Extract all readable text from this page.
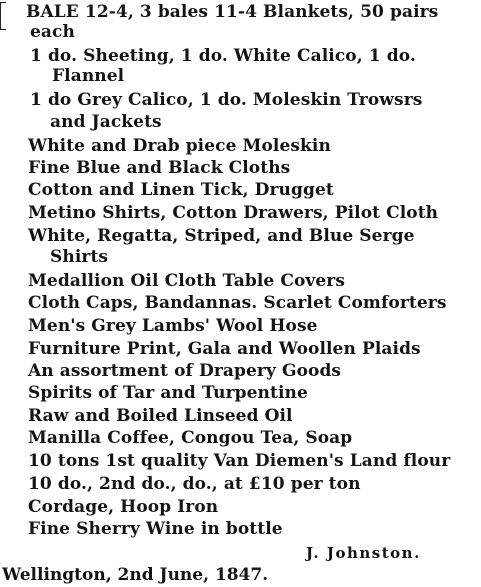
BALE 12-4, 3 bales 11-4 Blankets, 50 pairs
each
1 do. Sheeting, 1 do. White Calico, 1 do.
Flannel
1 do Grey Calico, 1 do. Moleskin Trowsrs
and Jackets
White and Drab piece Moleskin
Fine Blue and Black Cloths
Cotton and Linen Tick, Drugget
Metino Shirts, Cotton Drawers, Pilot Cloth
White, Regatta, Striped, and Blue Serge
Shirts
Medallion Oil Cloth Table Covers
Cloth Caps, Bandannas. Scarlet Comforters
Men's Grey Lambs' Wool Hose
Furniture Print, Gala and Woollen Plaids
An assortment of Drapery Goods
Spirits of Tar and Turpentine
Raw and Boiled Linseed Oil
Manilla Coffee, Congou Tea, Soap
10 tons 1st quality Van Diemen's Land flour
10 do., 2nd do., do., at £10 per ton
Cordage, Hoop Iron
Fine Sherry Wine in bottle
J. Johnston.
Wellington, 2nd June, 1847.
